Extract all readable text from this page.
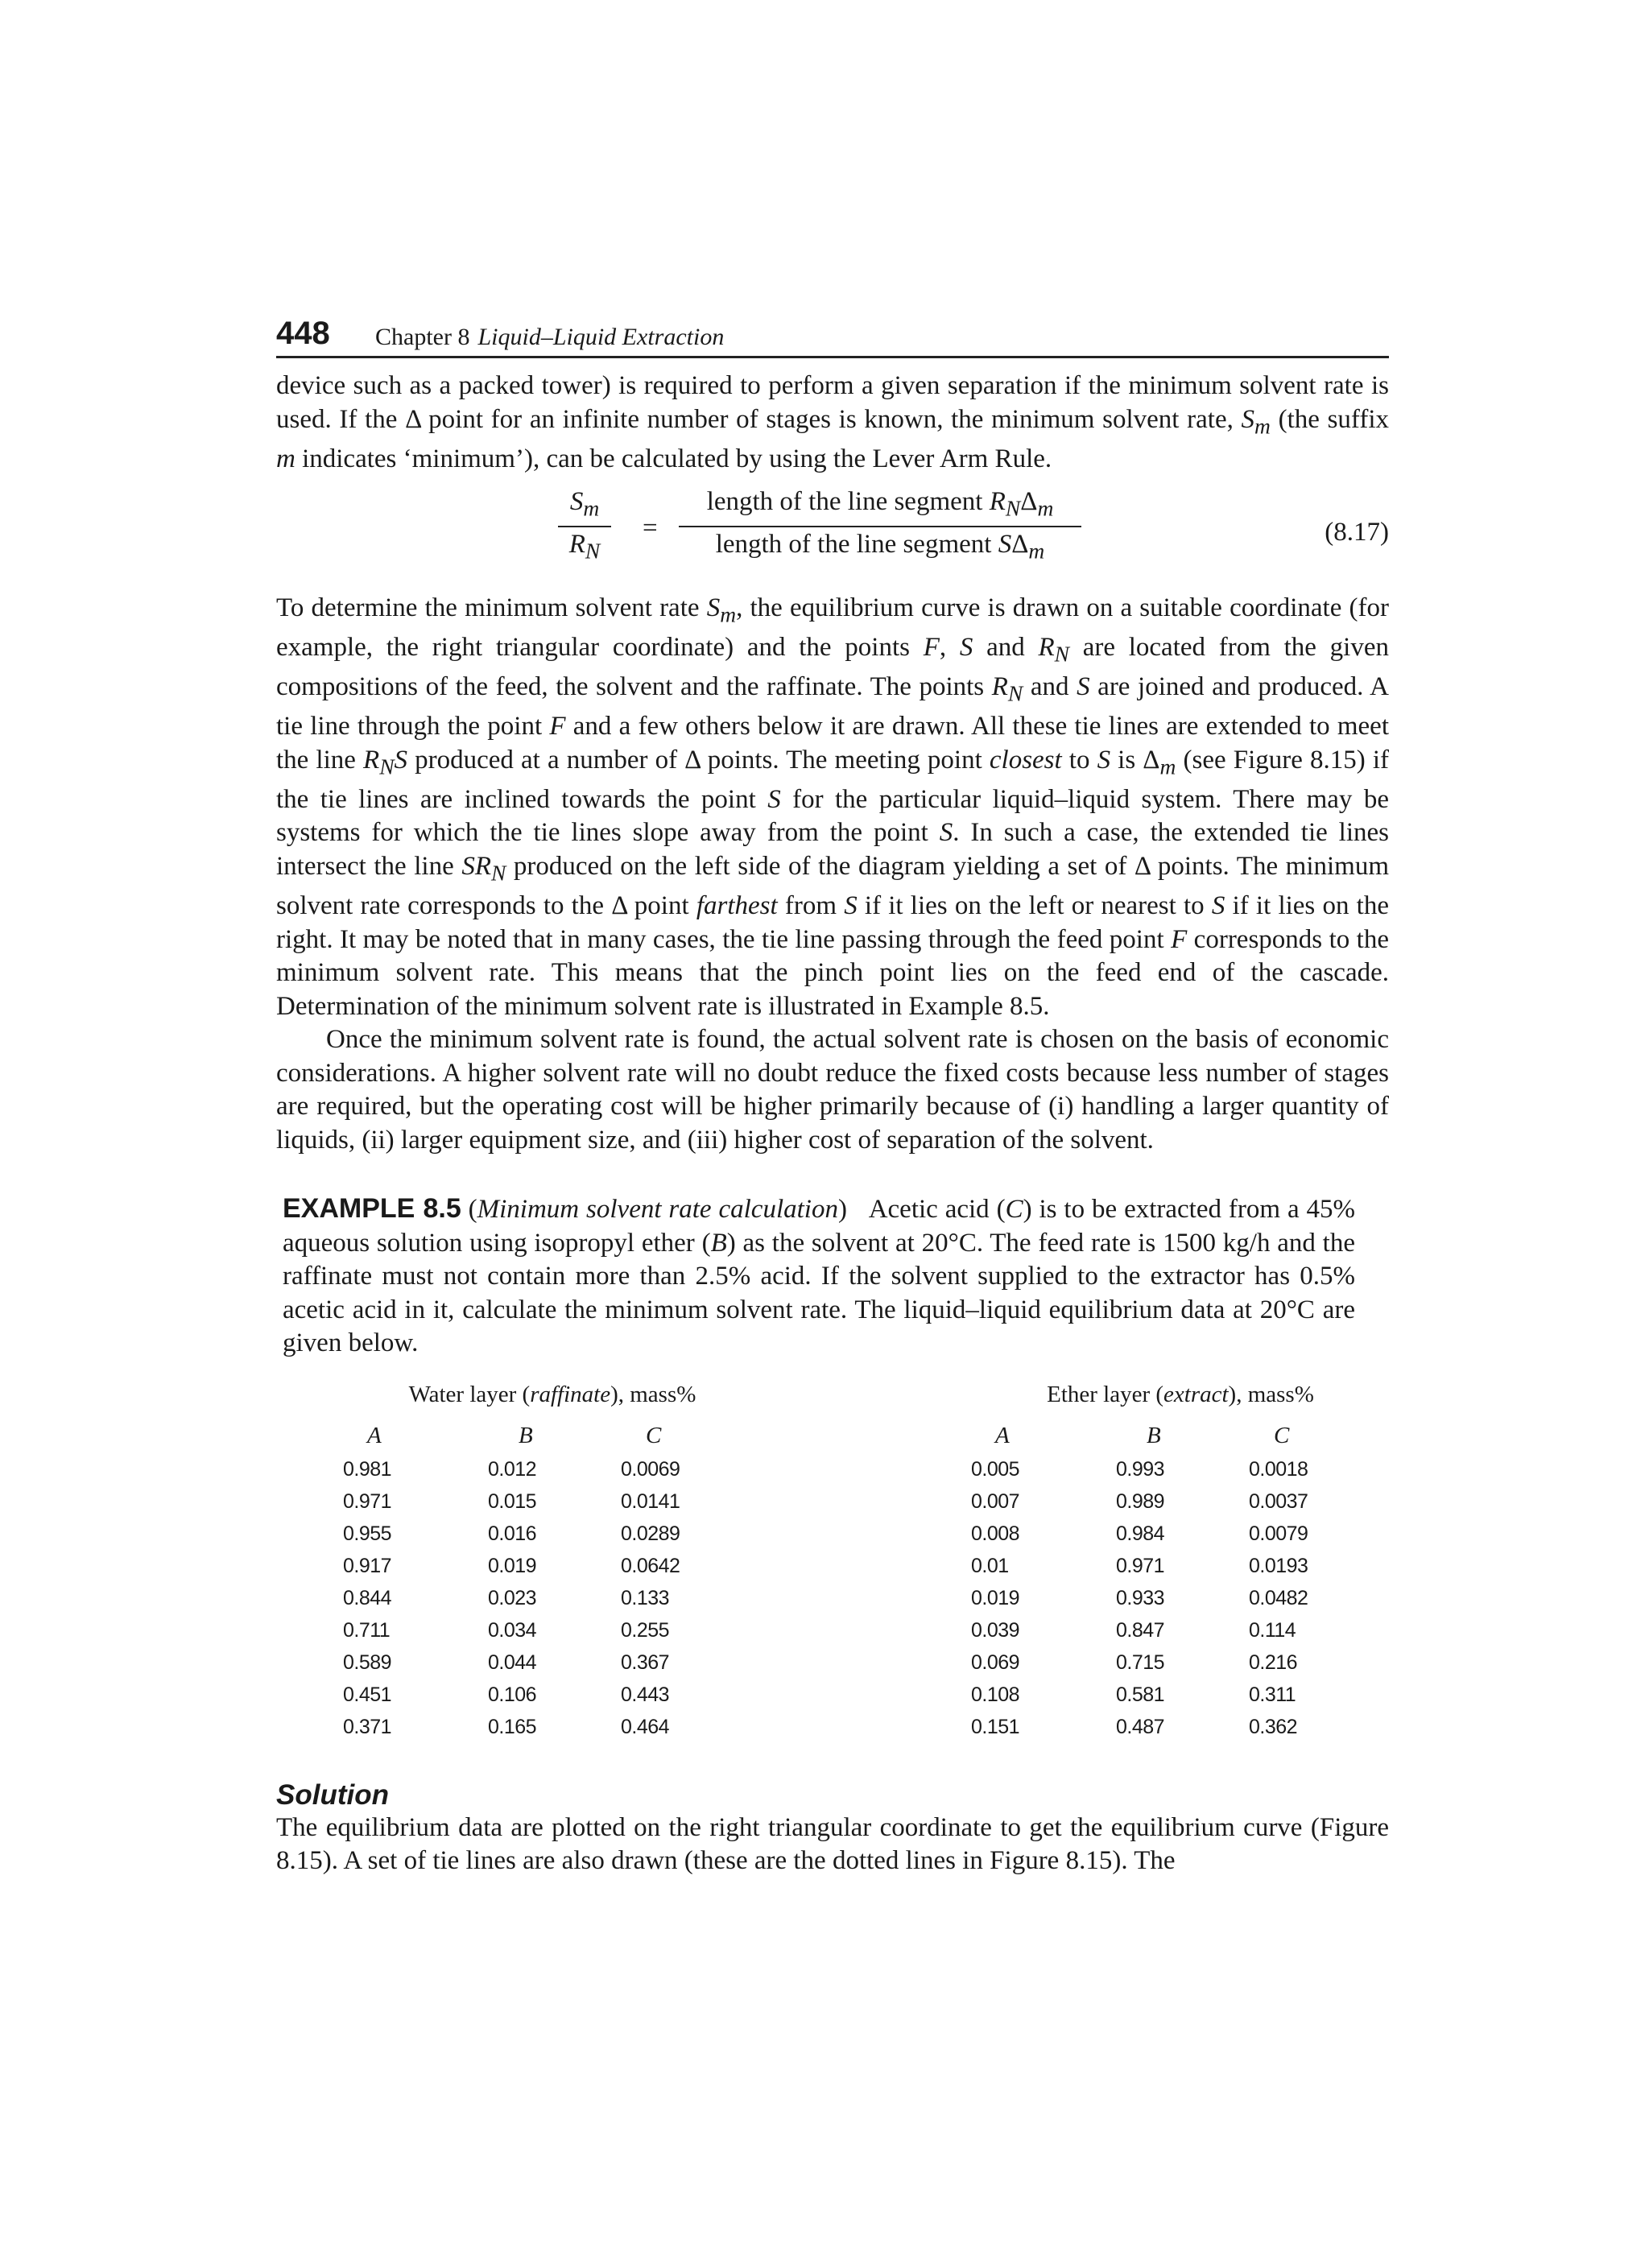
448 Chapter 8 Liquid–Liquid Extraction

device such as a packed tower) is required to perform a given separation if the minimum solvent rate is used. If the Δ point for an infinite number of stages is known, the minimum solvent rate, $S_m$ (the suffix m indicates ‘minimum’), can be calculated by using the Lever Arm Rule.

$S_m$
$R_N$
=
length of the line segment $R_N\Delta_m$
length of the line segment $S\Delta_m$
(8.17)

To determine the minimum solvent rate $S_m$, the equilibrium curve is drawn on a suitable coordinate (for example, the right triangular coordinate) and the points F, S and $R_N$ are located from the given compositions of the feed, the solvent and the raffinate. The points $R_N$ and S are joined and produced. A tie line through the point F and a few others below it are drawn. All these tie lines are extended to meet the line $R_NS$ produced at a number of Δ points. The meeting point closest to S is $\Delta_m$ (see Figure 8.15) if the tie lines are inclined towards the point S for the particular liquid–liquid system. There may be systems for which the tie lines slope away from the point S. In such a case, the extended tie lines intersect the line $SR_N$ produced on the left side of the diagram yielding a set of Δ points. The minimum solvent rate corresponds to the Δ point farthest from S if it lies on the left or nearest to S if it lies on the right. It may be noted that in many cases, the tie line passing through the feed point F corresponds to the minimum solvent rate. This means that the pinch point lies on the feed end of the cascade. Determination of the minimum solvent rate is illustrated in Example 8.5.

Once the minimum solvent rate is found, the actual solvent rate is chosen on the basis of economic considerations. A higher solvent rate will no doubt reduce the fixed costs because less number of stages are required, but the operating cost will be higher primarily because of (i) handling a larger quantity of liquids, (ii) larger equipment size, and (iii) higher cost of separation of the solvent.

EXAMPLE 8.5 (Minimum solvent rate calculation)   Acetic acid (C) is to be extracted from a 45% aqueous solution using isopropyl ether (B) as the solvent at 20°C. The feed rate is 1500 kg/h and the raffinate must not contain more than 2.5% acid. If the solvent supplied to the extractor has 0.5% acetic acid in it, calculate the minimum solvent rate. The liquid–liquid equilibrium data at 20°C are given below.

Water layer (raffinate), mass%
A	B	C
0.981	0.012	0.0069
0.971	0.015	0.0141
0.955	0.016	0.0289
0.917	0.019	0.0642
0.844	0.023	0.133
0.711	0.034	0.255
0.589	0.044	0.367
0.451	0.106	0.443
0.371	0.165	0.464
Ether layer (extract), mass%
A	B	C
0.005	0.993	0.0018
0.007	0.989	0.0037
0.008	0.984	0.0079
0.01	0.971	0.0193
0.019	0.933	0.0482
0.039	0.847	0.114
0.069	0.715	0.216
0.108	0.581	0.311
0.151	0.487	0.362
Solution

The equilibrium data are plotted on the right triangular coordinate to get the equilibrium curve (Figure 8.15). A set of tie lines are also drawn (these are the dotted lines in Figure 8.15). The
